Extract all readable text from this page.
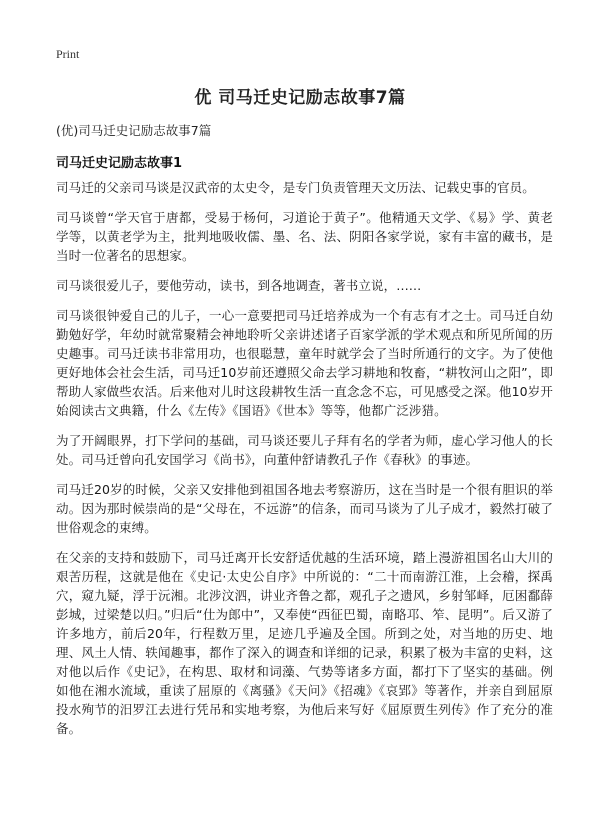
Print
优 司马迁史记励志故事7篇
(优)司马迁史记励志故事7篇
司马迁史记励志故事1

司马迁的父亲司马谈是汉武帝的太史令，是专门负责管理天文历法、记载史事的官员。

司马谈曾“学天官于唐都，受易于杨何，习道论于黄子”。他精通天文学、《易》学、黄老学等，以黄老学为主，批判地吸收儒、墨、名、法、阴阳各家学说，家有丰富的藏书，是当时一位著名的思想家。

司马谈很爱儿子，要他劳动，读书，到各地调查，著书立说，……

司马谈很钟爱自己的儿子，一心一意要把司马迁培养成为一个有志有才之士。司马迁自幼勤勉好学，年幼时就常聚精会神地聆听父亲讲述诸子百家学派的学术观点和所见所闻的历史趣事。司马迁读书非常用功，也很聪慧，童年时就学会了当时所通行的文字。为了使他更好地体会社会生活，司马迁10岁前还遵照父命去学习耕地和牧畜，“耕牧河山之阳”，即帮助人家做些农活。后来他对儿时这段耕牧生活一直念念不忘，可见感受之深。他10岁开始阅读古文典籍，什么《左传》《国语》《世本》等等，他都广泛涉猎。

为了开阔眼界，打下学问的基础，司马谈还要儿子拜有名的学者为师，虚心学习他人的长处。司马迁曾向孔安国学习《尚书》，向董仲舒请教孔子作《春秋》的事迹。

司马迁20岁的时候，父亲又安排他到祖国各地去考察游历，这在当时是一个很有胆识的举动。因为那时候崇尚的是“父母在，不远游”的信条，而司马谈为了儿子成才，毅然打破了世俗观念的束缚。

在父亲的支持和鼓励下，司马迁离开长安舒适优越的生活环境，踏上漫游祖国名山大川的艰苦历程，这就是他在《史记·太史公自序》中所说的：“二十而南游江淮，上会稽，探禹穴，窥九疑，浮于沅湘。北涉汶泗，讲业齐鲁之都，观孔子之遗风，乡射邹峄，厄困鄱薛彭城，过梁楚以归。”归后“仕为郎中”，又奉使“西征巴蜀，南略邛、笮、昆明”。后又游了许多地方，前后20年，行程数万里，足迹几乎遍及全国。所到之处，对当地的历史、地理、风土人情、轶闻趣事，都作了深入的调查和详细的记录，积累了极为丰富的史料，这对他以后作《史记》，在构思、取材和词藻、气势等诸多方面，都打下了坚实的基础。例如他在湘水流域，重读了屈原的《离骚》《天问》《招魂》《哀郢》等著作，并亲自到屈原投水殉节的汨罗江去进行凭吊和实地考察，为他后来写好《屈原贾生列传》作了充分的准备。
